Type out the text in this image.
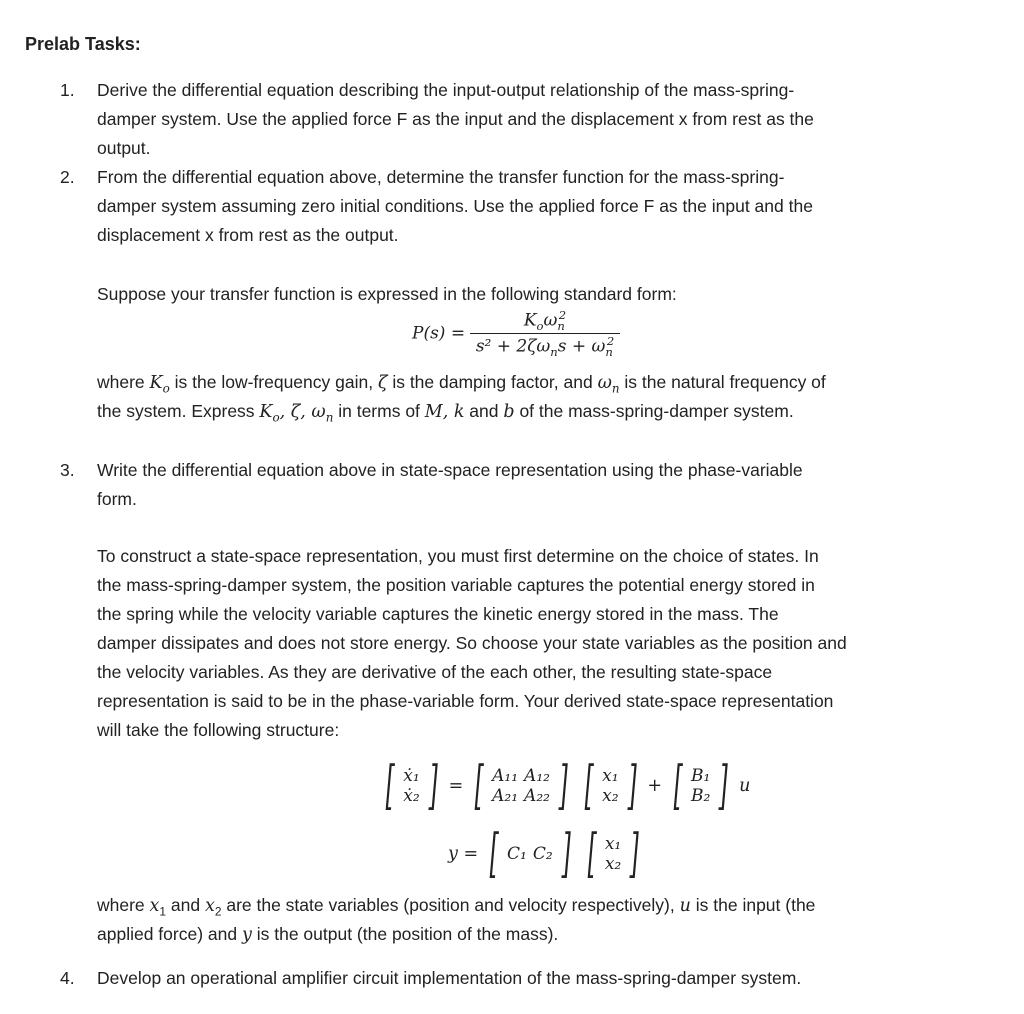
Prelab Tasks:
1. Derive the differential equation describing the input-output relationship of the mass-spring-
damper system. Use the applied force F as the input and the displacement x from rest as the
output.
2. From the differential equation above, determine the transfer function for the mass-spring-
damper system assuming zero initial conditions. Use the applied force F as the input and the
displacement x from rest as the output.
Suppose your transfer function is expressed in the following standard form:
$P(s) = \frac{K_o\omega_n^2}{s^2 + 2\zeta\omega_ns + \omega_n^2}$
where $K_o$ is the low-frequency gain, ζ is the damping factor, and $\omega_n$ is the natural frequency of
the system. Express $K_o$, ζ, $\omega_n$ in terms of M, k and b of the mass-spring-damper system.
3. Write the differential equation above in state-space representation using the phase-variable
form.
To construct a state-space representation, you must first determine on the choice of states. In
the mass-spring-damper system, the position variable captures the potential energy stored in
the spring while the velocity variable captures the kinetic energy stored in the mass. The
damper dissipates and does not store energy. So choose your state variables as the position and
the velocity variables. As they are derivative of the each other, the resulting state-space
representation is said to be in the phase-variable form. Your derived state-space representation
will take the following structure:
[ ẋ₁
ẋ₂ ] = [ A₁₁ A₁₂
A₂₁ A₂₂ ]
[ x₁
x₂ ] + [ B₁
B₂ ] u
y = [ C₁ C₂ ]
[ x₁
x₂ ]
where $x_1$ and $x_2$ are the state variables (position and velocity respectively), u is the input (the
applied force) and y is the output (the position of the mass).
4. Develop an operational amplifier circuit implementation of the mass-spring-damper system.
